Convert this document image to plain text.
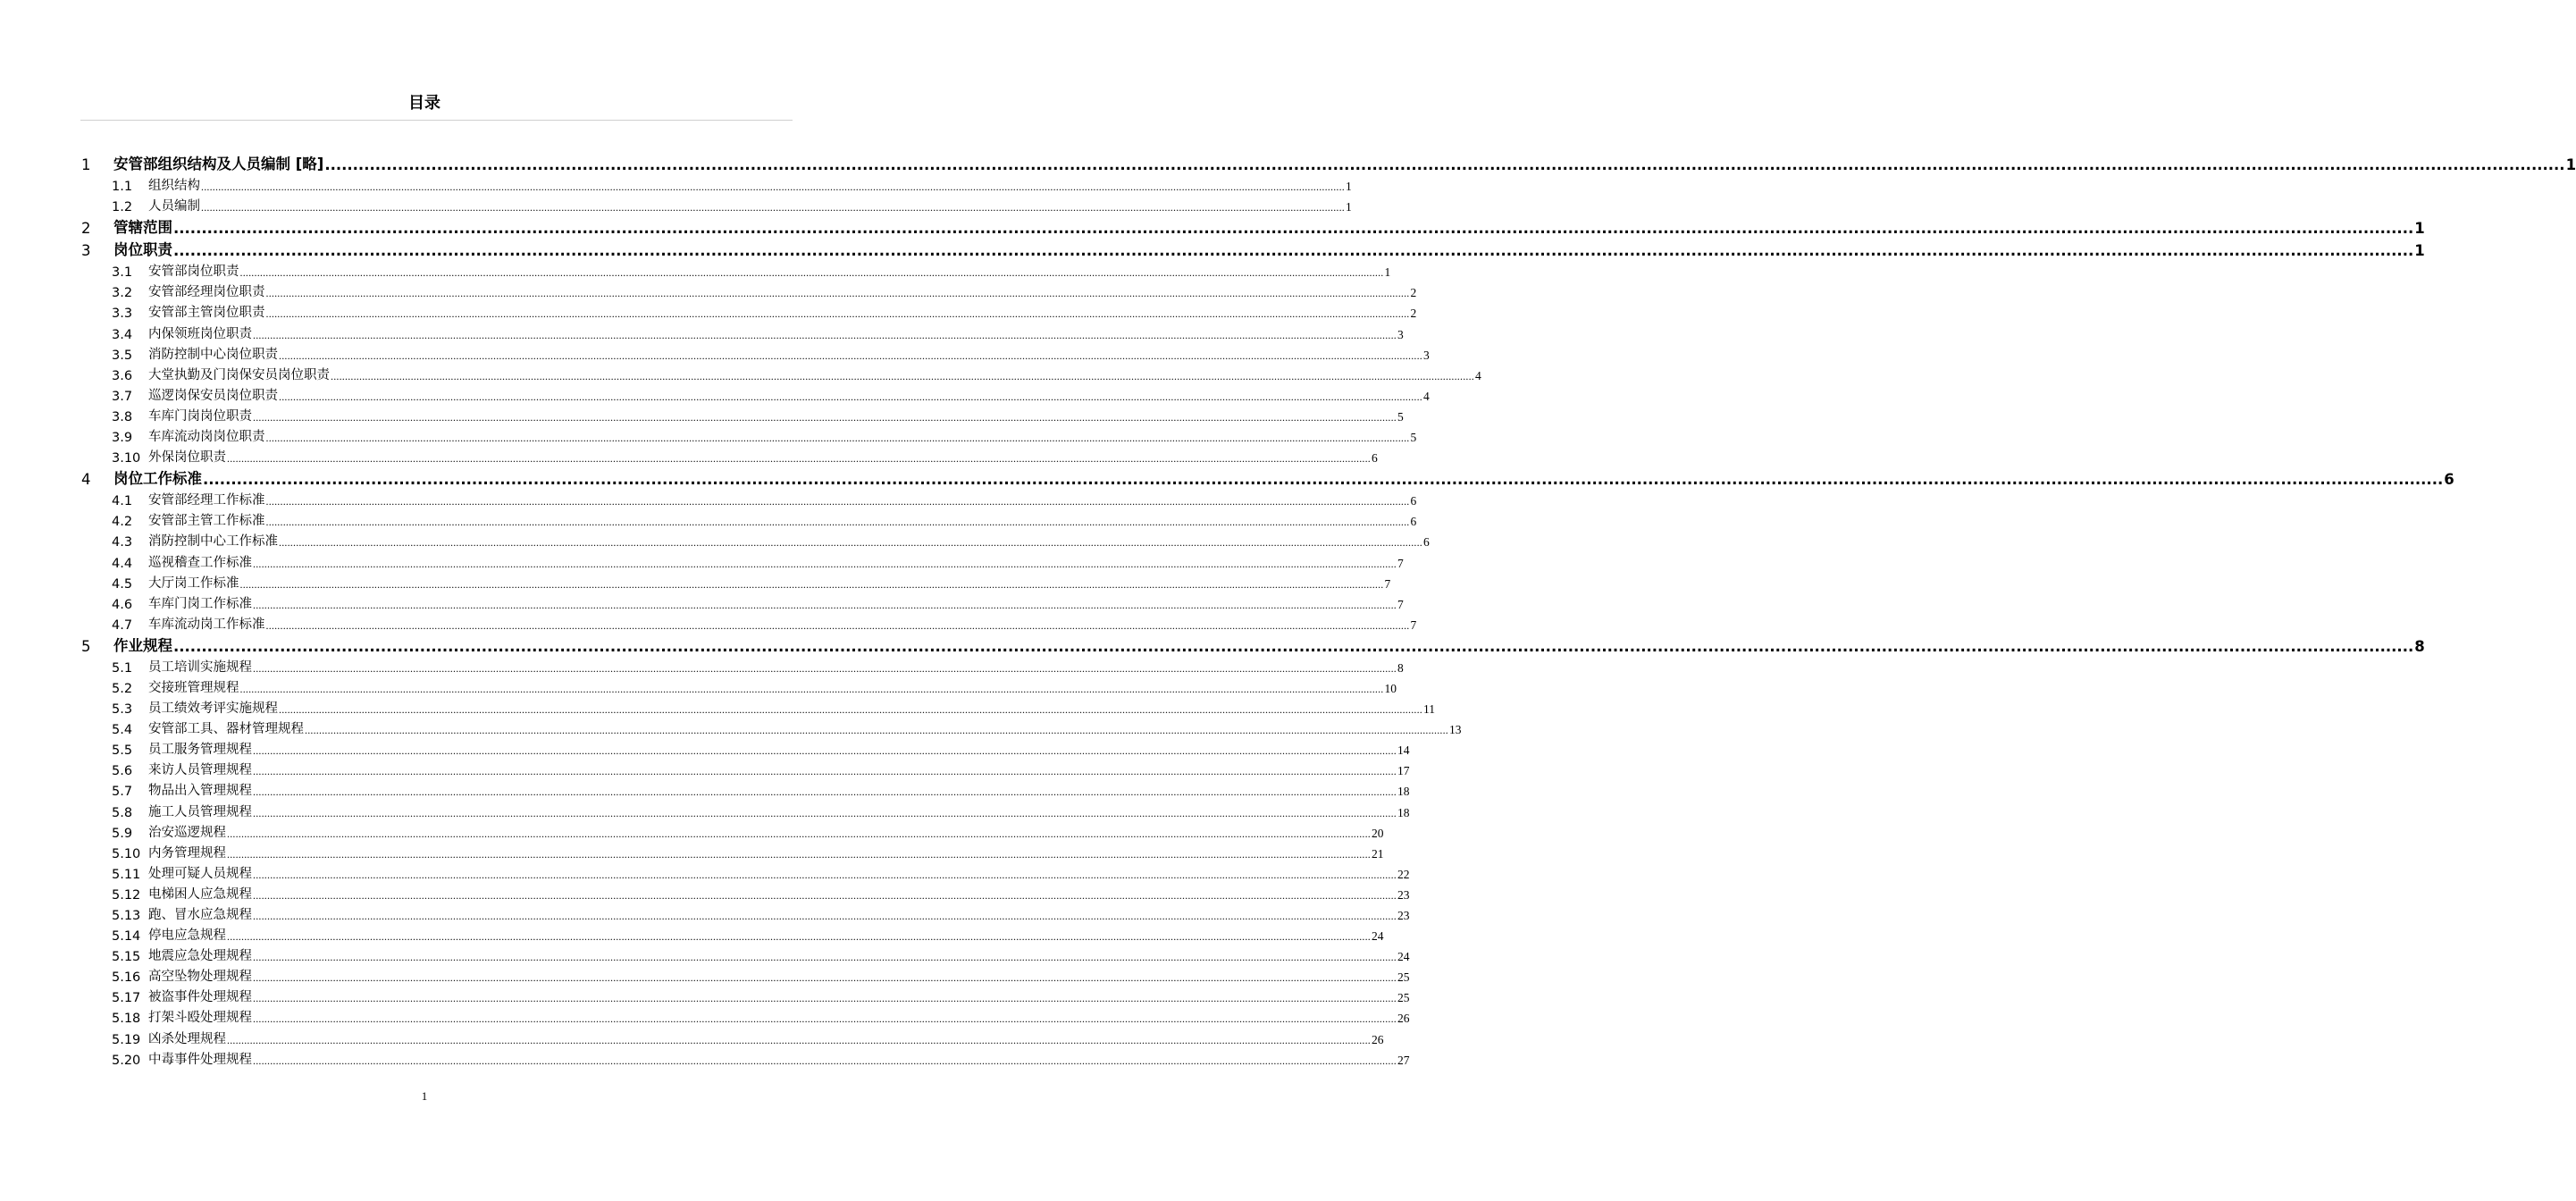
目录
1	安管部组织结构及人员编制 [略] ................................................................................................................................................................................................................................................................................................................................................................................................................ 1
1.1	组织结构 ................................................................................................................................................................................................................................................................................................................................................................................................................ 1
1.2	人员编制 ................................................................................................................................................................................................................................................................................................................................................................................................................ 1
2	管辖范围 ................................................................................................................................................................................................................................................................................................................................................................................................................ 1
3	岗位职责 ................................................................................................................................................................................................................................................................................................................................................................................................................ 1
3.1	安管部岗位职责 ................................................................................................................................................................................................................................................................................................................................................................................................................ 1
3.2	安管部经理岗位职责 ................................................................................................................................................................................................................................................................................................................................................................................................................ 2
3.3	安管部主管岗位职责 ................................................................................................................................................................................................................................................................................................................................................................................................................ 2
3.4	内保领班岗位职责 ................................................................................................................................................................................................................................................................................................................................................................................................................ 3
3.5	消防控制中心岗位职责 ................................................................................................................................................................................................................................................................................................................................................................................................................ 3
3.6	大堂执勤及门岗保安员岗位职责 ................................................................................................................................................................................................................................................................................................................................................................................................................ 4
3.7	巡逻岗保安员岗位职责 ................................................................................................................................................................................................................................................................................................................................................................................................................ 4
3.8	车库门岗岗位职责 ................................................................................................................................................................................................................................................................................................................................................................................................................ 5
3.9	车库流动岗岗位职责 ................................................................................................................................................................................................................................................................................................................................................................................................................ 5
3.10 外保岗位职责 ................................................................................................................................................................................................................................................................................................................................................................................................................ 6
4	岗位工作标准 ................................................................................................................................................................................................................................................................................................................................................................................................................ 6
4.1	安管部经理工作标准 ................................................................................................................................................................................................................................................................................................................................................................................................................ 6
4.2	安管部主管工作标准 ................................................................................................................................................................................................................................................................................................................................................................................................................ 6
4.3	消防控制中心工作标准 ................................................................................................................................................................................................................................................................................................................................................................................................................ 6
4.4	巡视稽查工作标准 ................................................................................................................................................................................................................................................................................................................................................................................................................ 7
4.5	大厅岗工作标准 ................................................................................................................................................................................................................................................................................................................................................................................................................ 7
4.6	车库门岗工作标准 ................................................................................................................................................................................................................................................................................................................................................................................................................ 7
4.7	车库流动岗工作标准 ................................................................................................................................................................................................................................................................................................................................................................................................................ 7
5	作业规程 ................................................................................................................................................................................................................................................................................................................................................................................................................ 8
5.1	员工培训实施规程 ................................................................................................................................................................................................................................................................................................................................................................................................................ 8
5.2	交接班管理规程 ................................................................................................................................................................................................................................................................................................................................................................................................................ 10
5.3	员工绩效考评实施规程 ................................................................................................................................................................................................................................................................................................................................................................................................................ 11
5.4	安管部工具、器材管理规程 ................................................................................................................................................................................................................................................................................................................................................................................................................ 13
5.5	员工服务管理规程 ................................................................................................................................................................................................................................................................................................................................................................................................................ 14
5.6	来访人员管理规程 ................................................................................................................................................................................................................................................................................................................................................................................................................ 17
5.7	物品出入管理规程 ................................................................................................................................................................................................................................................................................................................................................................................................................ 18
5.8	施工人员管理规程 ................................................................................................................................................................................................................................................................................................................................................................................................................ 18
5.9	治安巡逻规程 ................................................................................................................................................................................................................................................................................................................................................................................................................ 20
5.10 内务管理规程 ................................................................................................................................................................................................................................................................................................................................................................................................................ 21
5.11 处理可疑人员规程 ................................................................................................................................................................................................................................................................................................................................................................................................................ 22
5.12 电梯困人应急规程 ................................................................................................................................................................................................................................................................................................................................................................................................................ 23
5.13 跑、冒水应急规程 ................................................................................................................................................................................................................................................................................................................................................................................................................ 23
5.14 停电应急规程 ................................................................................................................................................................................................................................................................................................................................................................................................................ 24
5.15 地震应急处理规程 ................................................................................................................................................................................................................................................................................................................................................................................................................ 24
5.16 高空坠物处理规程 ................................................................................................................................................................................................................................................................................................................................................................................................................ 25
5.17 被盗事件处理规程 ................................................................................................................................................................................................................................................................................................................................................................................................................ 25
5.18 打架斗殴处理规程 ................................................................................................................................................................................................................................................................................................................................................................................................................ 26
5.19 凶杀处理规程 ................................................................................................................................................................................................................................................................................................................................................................................................................ 26
5.20 中毒事件处理规程 ................................................................................................................................................................................................................................................................................................................................................................................................................ 27
1
